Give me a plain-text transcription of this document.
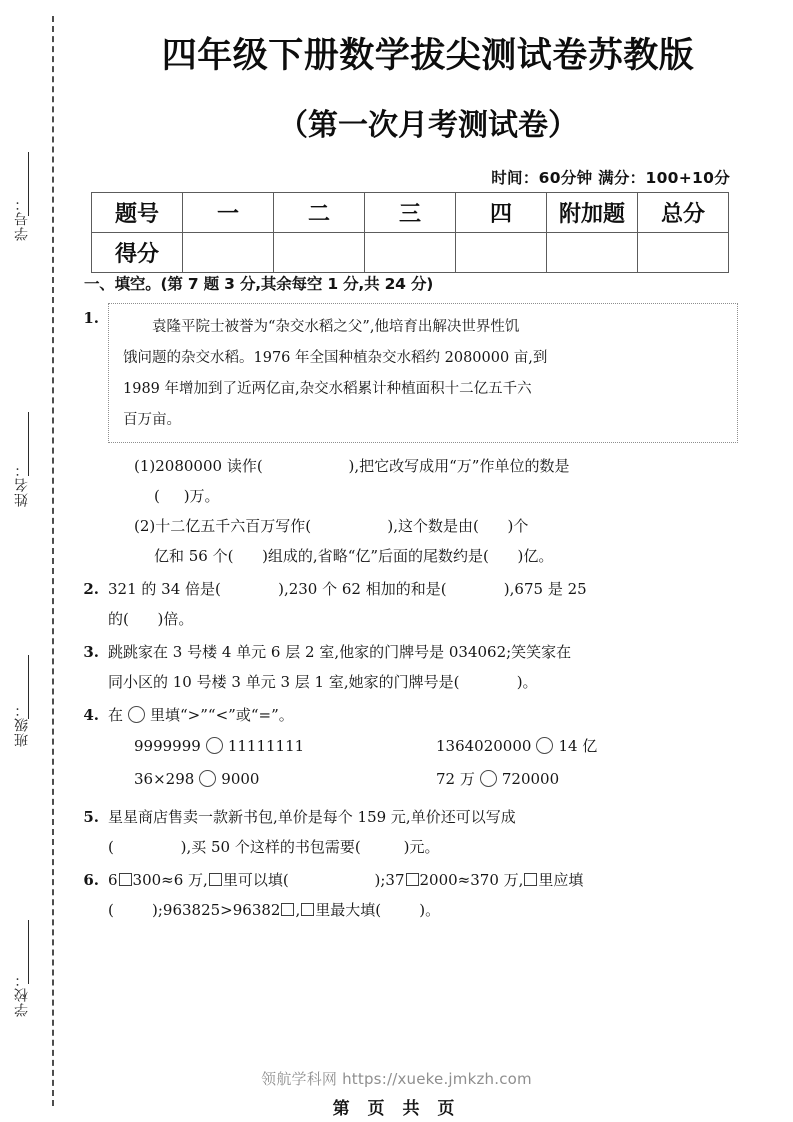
学号：
姓名：
班级：
学校：
四年级下册数学拔尖测试卷苏教版
（第一次月考测试卷）
时间：60分钟 满分：100+10分
题号	一	二	三	四	附加题	总分
得分						
一、填空。(第 7 题 3 分,其余每空 1 分,共 24 分)
1.	袁隆平院士被誉为“杂交水稻之父”,他培育出解决世界性饥
饿问题的杂交水稻。1976 年全国种植杂交水稻约 2080000 亩,到
1989 年增加到了近两亿亩,杂交水稻累计种植面积十二亿五千六
百万亩。
(1)2080000 读作(                  ),把它改写成用“万”作单位的数是
(     )万。
(2)十二亿五千六百万写作(                ),这个数是由(      )个
亿和 56 个(      )组成的,省略“亿”后面的尾数约是(      )亿。
2. 321 的 34 倍是(            ),230 个 62 相加的和是(            ),675 是 25
的(      )倍。
3. 跳跳家在 3 号楼 4 单元 6 层 2 室,他家的门牌号是 034062;笑笑家在
同小区的 10 号楼 3 单元 3 层 1 室,她家的门牌号是(            )。
4. 在 里填“>”“<”或“=”。
9999999 11111111	1364020000 14 亿
36×298 9000	72 万 720000
5. 星星商店售卖一款新书包,单价是每个 159 元,单价还可以写成
(              ),买 50 个这样的书包需要(         )元。
6. 6 300≈6 万, 里可以填(                  );37 2000≈370 万, 里应填
(        );963825>96382 , 里最大填(        )。
领航学科网 https://xueke.jmkzh.com
第 页 共 页
